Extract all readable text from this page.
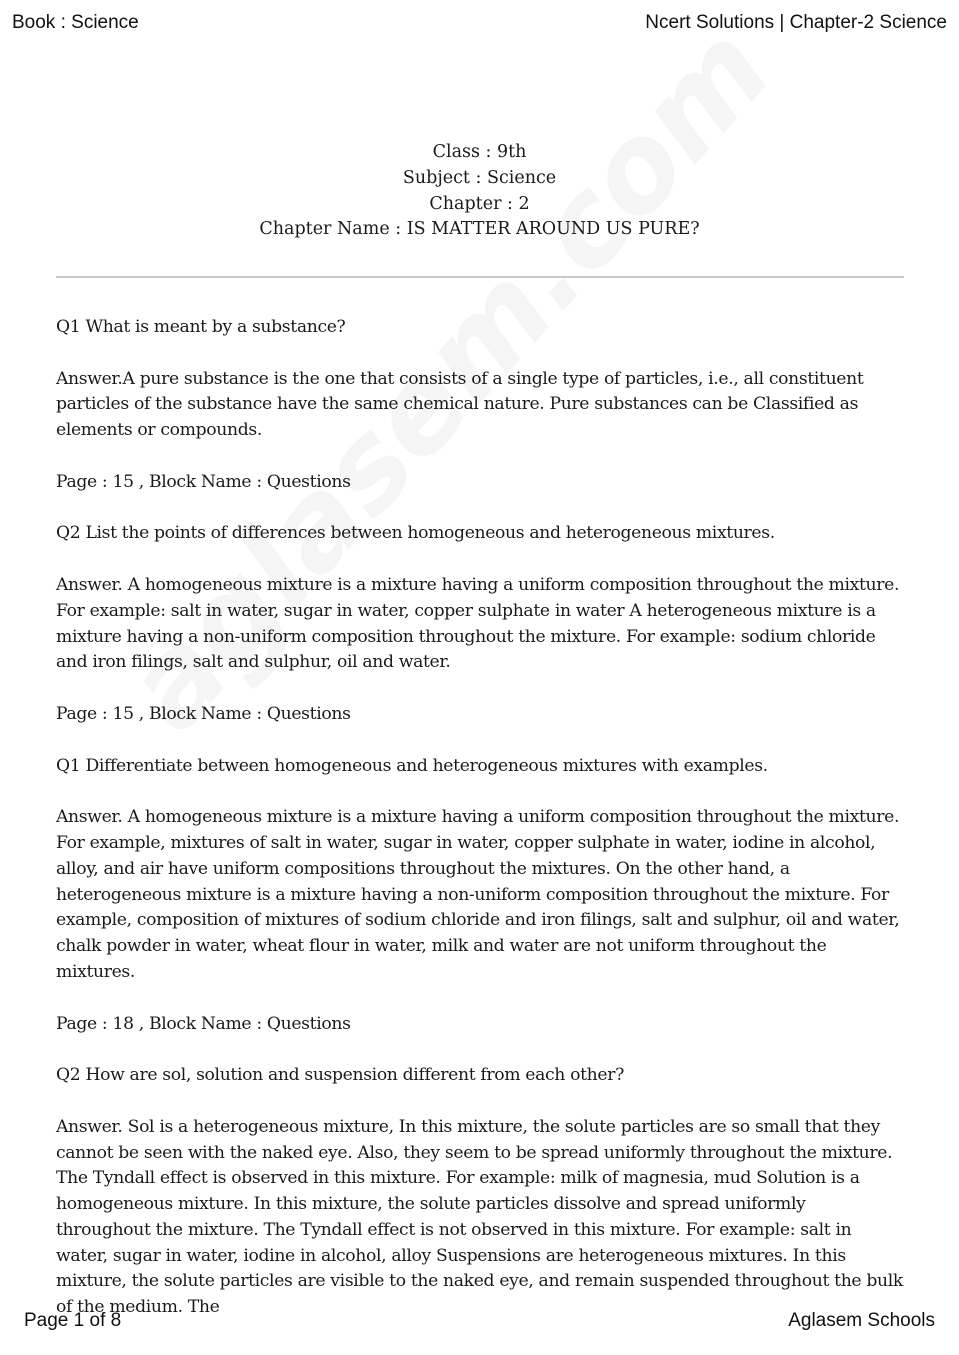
Book : Science	Ncert Solutions | Chapter-2 Science
Class : 9th
Subject : Science
Chapter : 2
Chapter Name : IS MATTER AROUND US PURE?

Q1 What is meant by a substance?

Answer.A pure substance is the one that consists of a single type of particles, i.e., all constituent particles of the substance have the same chemical nature. Pure substances can be Classified as elements or compounds.

Page : 15 , Block Name : Questions

Q2 List the points of differences between homogeneous and heterogeneous mixtures.

Answer. A homogeneous mixture is a mixture having a uniform composition throughout the mixture. For example: salt in water, sugar in water, copper sulphate in water A heterogeneous mixture is a mixture having a non-uniform composition throughout the mixture. For example: sodium chloride and iron filings, salt and sulphur, oil and water.

Page : 15 , Block Name : Questions

Q1 Differentiate between homogeneous and heterogeneous mixtures with examples.

Answer. A homogeneous mixture is a mixture having a uniform composition throughout the mixture. For example, mixtures of salt in water, sugar in water, copper sulphate in water, iodine in alcohol, alloy, and air have uniform compositions throughout the mixtures. On the other hand, a heterogeneous mixture is a mixture having a non-uniform composition throughout the mixture. For example, composition of mixtures of sodium chloride and iron filings, salt and sulphur, oil and water, chalk powder in water, wheat flour in water, milk and water are not uniform throughout the mixtures.

Page : 18 , Block Name : Questions

Q2 How are sol, solution and suspension different from each other?

Answer. Sol is a heterogeneous mixture, In this mixture, the solute particles are so small that they cannot be seen with the naked eye. Also, they seem to be spread uniformly throughout the mixture. The Tyndall effect is observed in this mixture. For example: milk of magnesia, mud Solution is a homogeneous mixture. In this mixture, the solute particles dissolve and spread uniformly throughout the mixture. The Tyndall effect is not observed in this mixture. For example: salt in water, sugar in water, iodine in alcohol, alloy Suspensions are heterogeneous mixtures. In this mixture, the solute particles are visible to the naked eye, and remain suspended throughout the bulk of the medium. The

Page 1 of 8	Aglasem Schools
